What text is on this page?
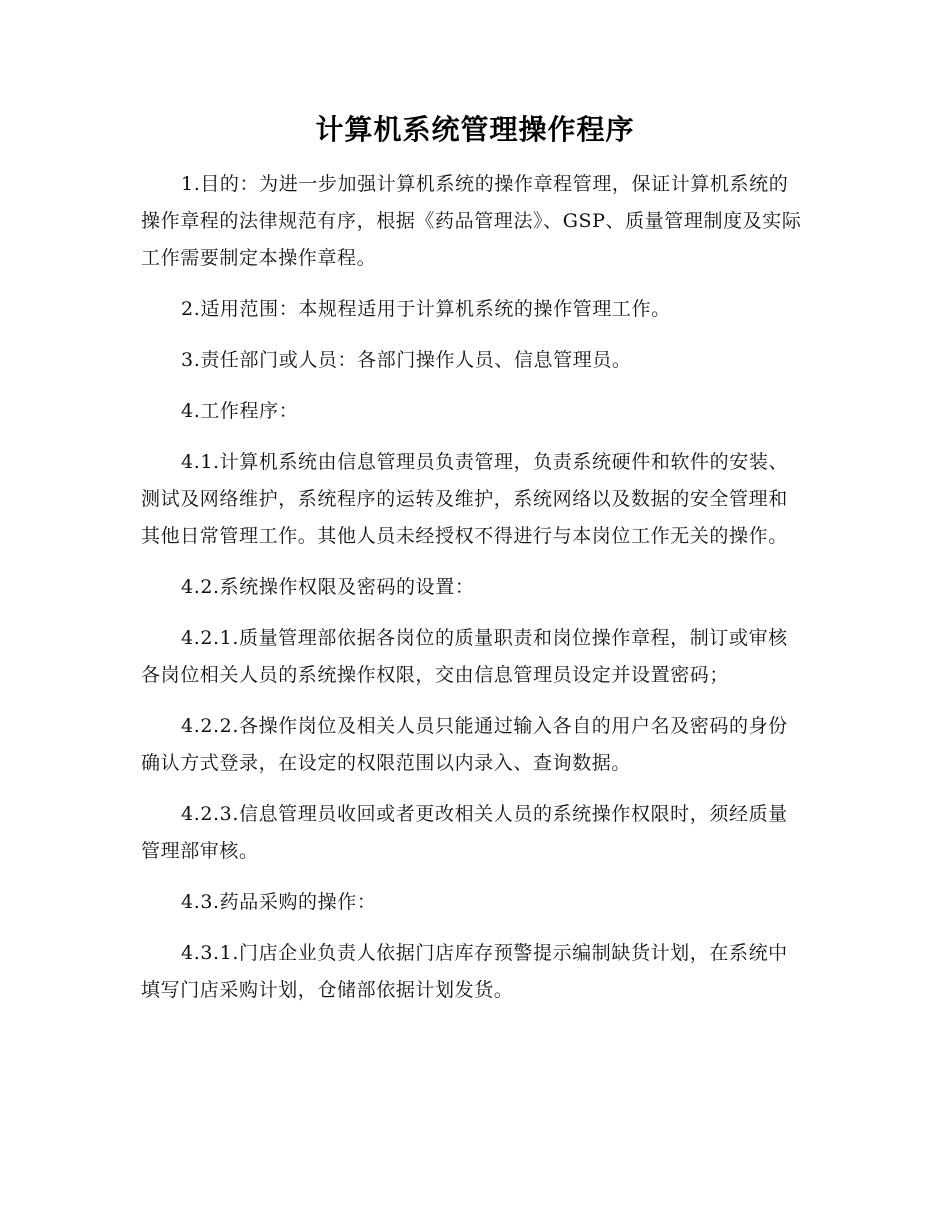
计算机系统管理操作程序

1.目的：为进一步加强计算机系统的操作章程管理，保证计算机系统的操作章程的法律规范有序，根据《药品管理法》、GSP、质量管理制度及实际工作需要制定本操作章程。

2.适用范围：本规程适用于计算机系统的操作管理工作。

3.责任部门或人员：各部门操作人员、信息管理员。

4.工作程序：

4.1.计算机系统由信息管理员负责管理，负责系统硬件和软件的安装、测试及网络维护，系统程序的运转及维护，系统网络以及数据的安全管理和其他日常管理工作。其他人员未经授权不得进行与本岗位工作无关的操作。

4.2.系统操作权限及密码的设置：

4.2.1.质量管理部依据各岗位的质量职责和岗位操作章程，制订或审核各岗位相关人员的系统操作权限，交由信息管理员设定并设置密码；

4.2.2.各操作岗位及相关人员只能通过输入各自的用户名及密码的身份确认方式登录，在设定的权限范围以内录入、查询数据。

4.2.3.信息管理员收回或者更改相关人员的系统操作权限时，须经质量管理部审核。

4.3.药品采购的操作：

4.3.1.门店企业负责人依据门店库存预警提示编制缺货计划，在系统中填写门店采购计划，仓储部依据计划发货。
